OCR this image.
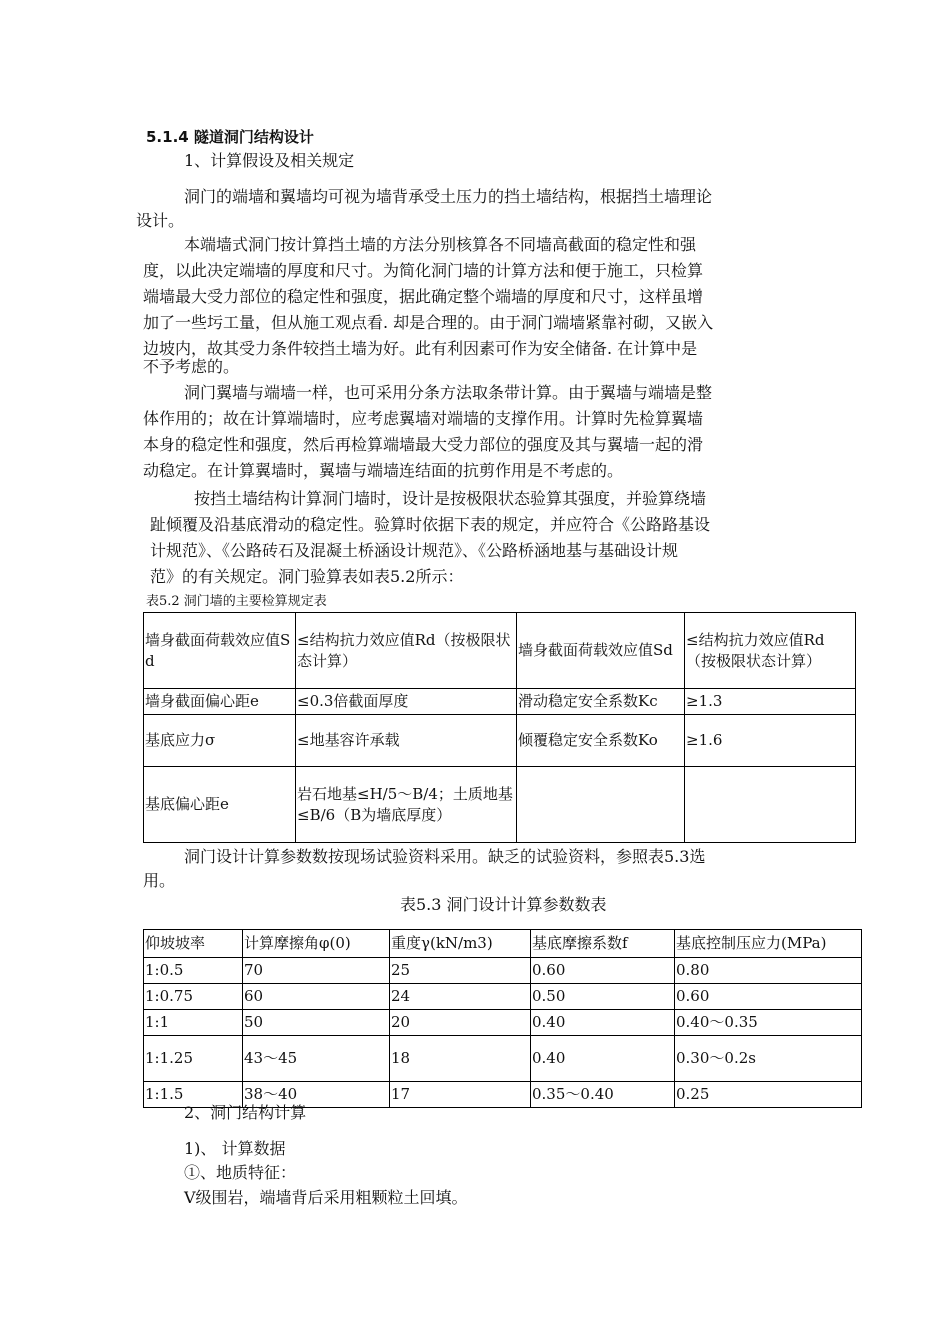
5.1.4 隧道洞门结构设计
1、计算假设及相关规定
洞门的端墙和翼墙均可视为墙背承受土压力的挡土墙结构，根据挡土墙理论
设计。
本端墙式洞门按计算挡土墙的方法分别核算各不同墙高截面的稳定性和强
度，以此决定端墙的厚度和尺寸。为简化洞门墙的计算方法和便于施工，只检算
端墙最大受力部位的稳定性和强度，据此确定整个端墙的厚度和尺寸，这样虽增
加了一些圬工量，但从施工观点看. 却是合理的。由于洞门端墙紧靠衬砌，又嵌入
边坡内，故其受力条件较挡土墙为好。此有利因素可作为安全储备. 在计算中是
不予考虑的。
洞门翼墙与端墙一样，也可采用分条方法取条带计算。由于翼墙与端墙是整
体作用的；故在计算端墙时，应考虑翼墙对端墙的支撑作用。计算时先检算翼墙
本身的稳定性和强度，然后再检算端墙最大受力部位的强度及其与翼墙一起的滑
动稳定。在计算翼墙时，翼墙与端墙连结面的抗剪作用是不考虑的。
按挡土墙结构计算洞门墙时，设计是按极限状态验算其强度，并验算绕墙
趾倾覆及沿基底滑动的稳定性。验算时依据下表的规定，并应符合《公路路基设
计规范》、《公路砖石及混凝土桥涵设计规范》、《公路桥涵地基与基础设计规
范》的有关规定。洞门验算表如表5.2所示：
表5.2 洞门墙的主要检算规定表
墙身截面荷载效应值Sd	≤结构抗力效应值Rd（按极限状态计算）	墙身截面荷载效应值Sd	≤结构抗力效应值Rd（按极限状态计算）
墙身截面偏心距e	≤0.3倍截面厚度	滑动稳定安全系数Kc	≥1.3
基底应力σ	≤地基容许承载	倾覆稳定安全系数Ko	≥1.6
基底偏心距e	岩石地基≤H/5～B/4；土质地基≤B/6（B为墙底厚度）		
洞门设计计算参数数按现场试验资料采用。缺乏的试验资料，参照表5.3选
用。
表5.3 洞门设计计算参数数表
仰坡坡率	计算摩擦角φ(0)	重度γ(kN/m3)	基底摩擦系数f	基底控制压应力(MPa)
1:0.5	70	25	0.60	0.80
1:0.75	60	24	0.50	0.60
1:1	50	20	0.40	0.40～0.35
1:1.25	43～45	18	0.40	0.30～0.2s
1:1.5	38～40	17	0.35～0.40	0.25
2、洞门结构计算
1)、 计算数据
①、地质特征：
Ⅴ级围岩，端墙背后采用粗颗粒土回填。
